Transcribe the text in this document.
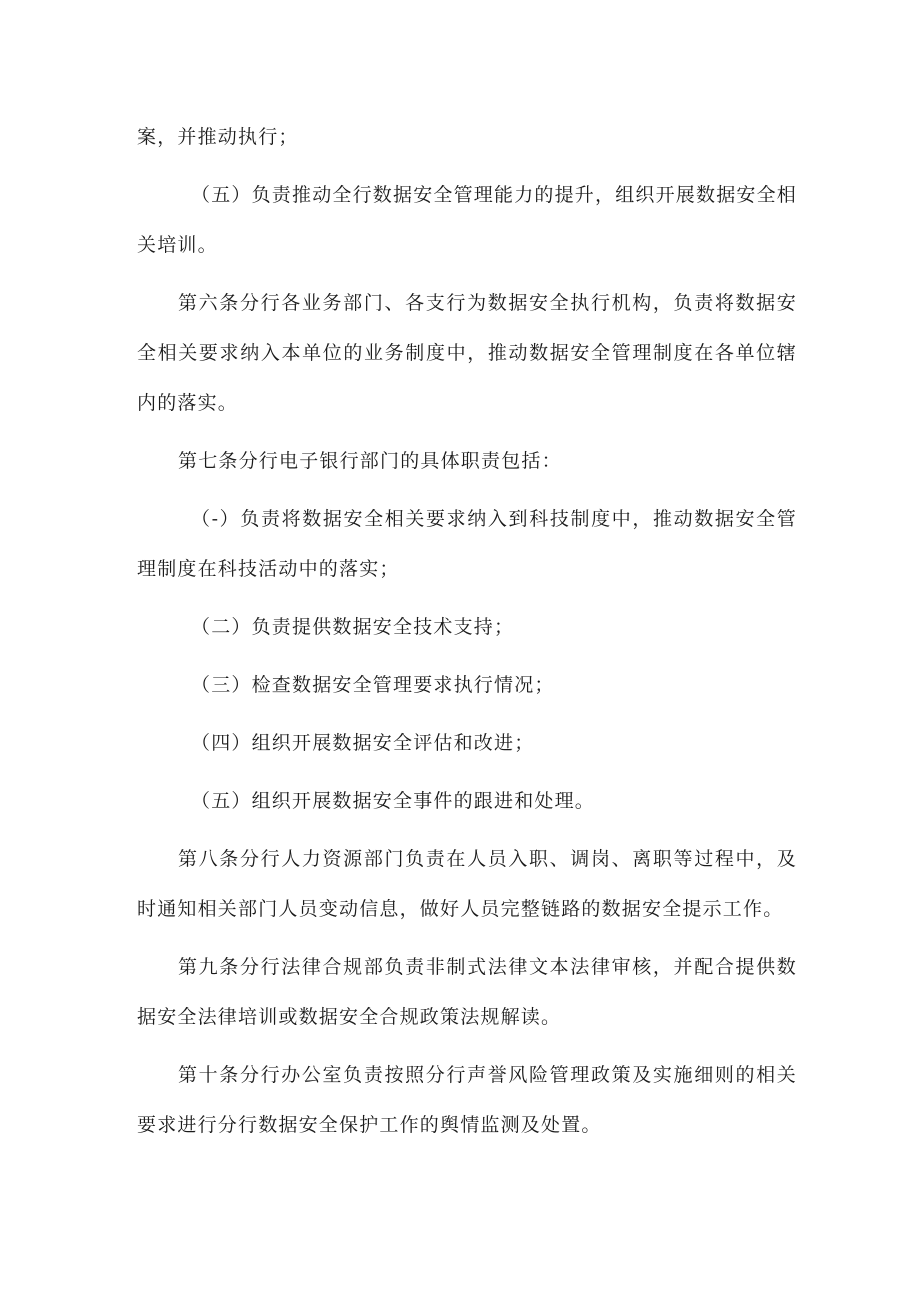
案，并推动执行；

（五）负责推动全行数据安全管理能力的提升，组织开展数据安全相关培训。

第六条分行各业务部门、各支行为数据安全执行机构，负责将数据安全相关要求纳入本单位的业务制度中，推动数据安全管理制度在各单位辖内的落实。

第七条分行电子银行部门的具体职责包括：

（-）负责将数据安全相关要求纳入到科技制度中，推动数据安全管理制度在科技活动中的落实；

（二）负责提供数据安全技术支持；

（三）检查数据安全管理要求执行情况；

（四）组织开展数据安全评估和改进；

（五）组织开展数据安全事件的跟进和处理。

第八条分行人力资源部门负责在人员入职、调岗、离职等过程中，及时通知相关部门人员变动信息，做好人员完整链路的数据安全提示工作。

第九条分行法律合规部负责非制式法律文本法律审核，并配合提供数据安全法律培训或数据安全合规政策法规解读。

第十条分行办公室负责按照分行声誉风险管理政策及实施细则的相关要求进行分行数据安全保护工作的舆情监测及处置。
